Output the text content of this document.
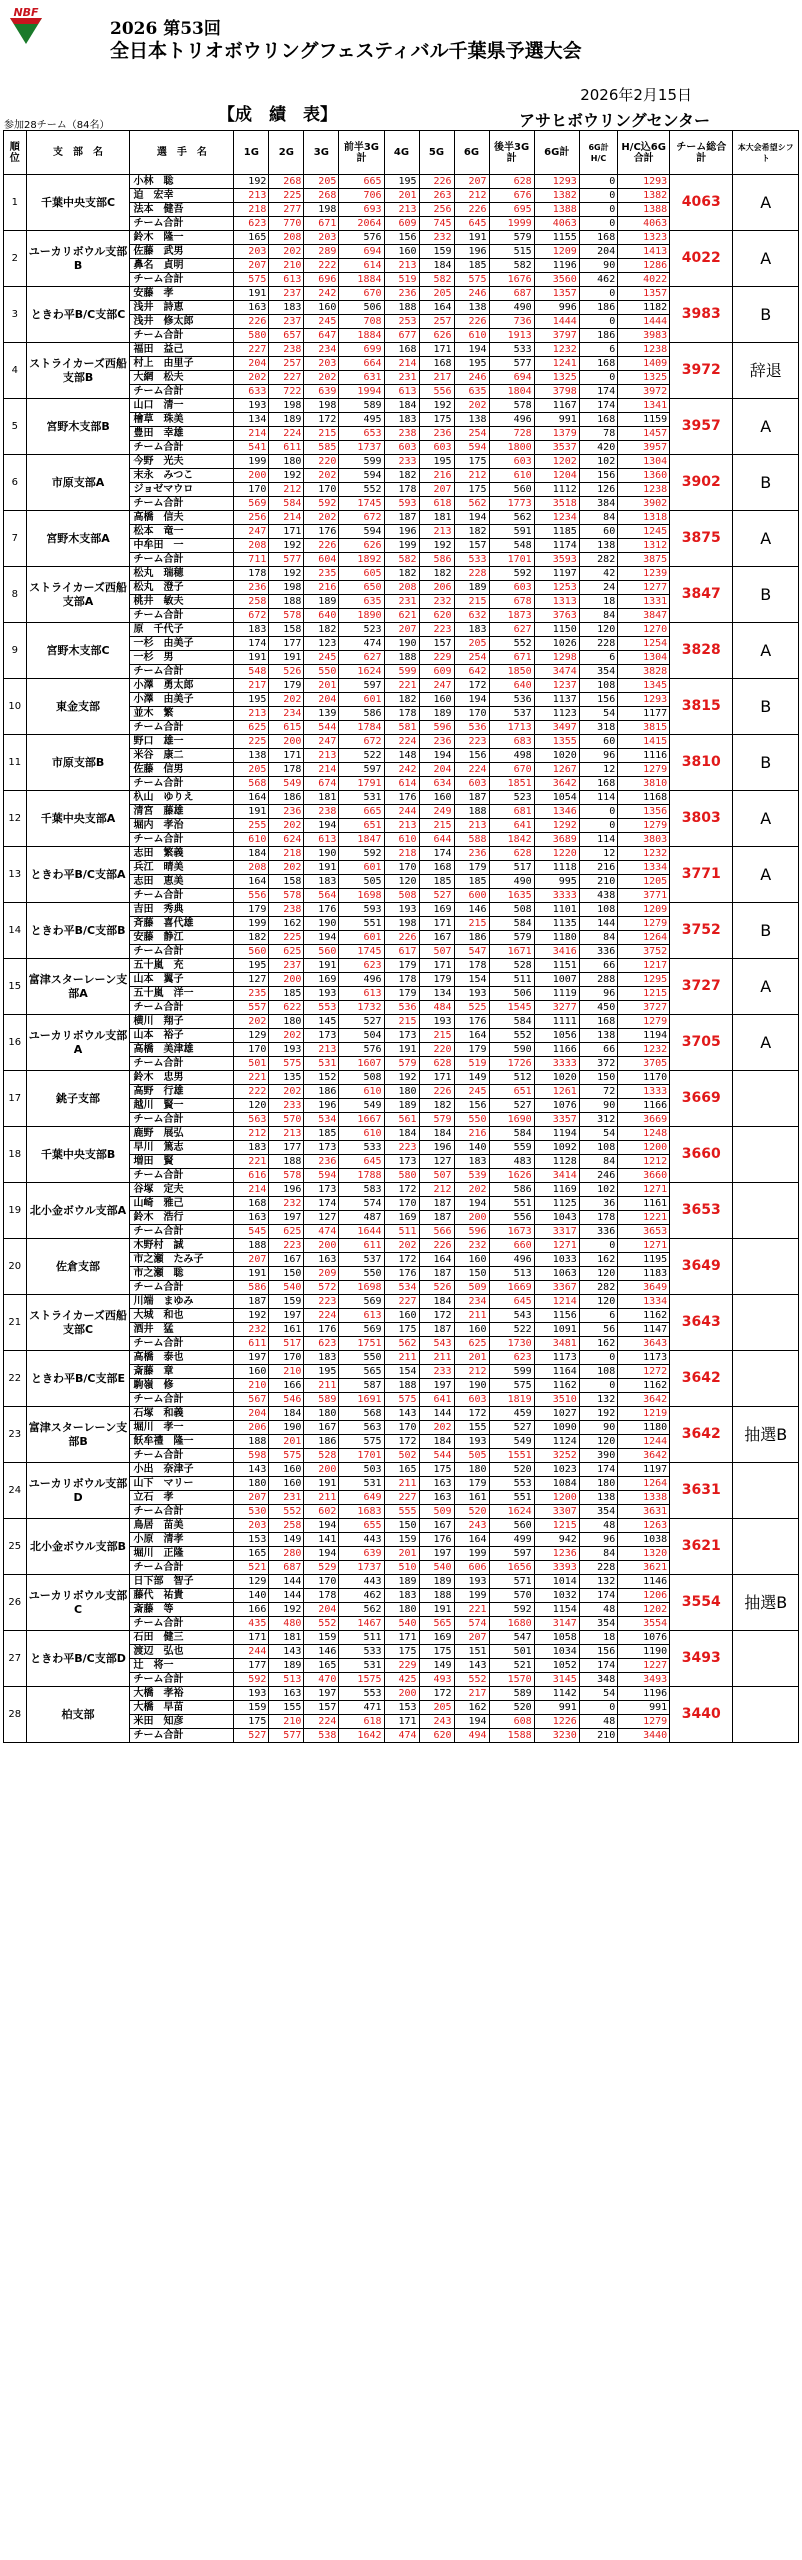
NBF
2026 第53回
全日本トリオボウリングフェスティバル千葉県予選大会
【成　績　表】
2026年2月15日
アサヒボウリングセンター
参加28チーム（84名）
順位	支　部　名	選　手　名	1G	2G	3G	前半3G計	4G	5G	6G	後半3G計	6G計	6G計H/C	H/C込6G合計	チーム総合計	本大会希望シフト
1	千葉中央支部C	小林　聡	192	268	205	665	195	226	207	628	1293	0	1293	4063	A
		迫　宏幸	213	225	268	706	201	263	212	676	1382	0	1382		
		法本　健吾	218	277	198	693	213	256	226	695	1388	0	1388		
		チーム合計	623	770	671	2064	609	745	645	1999	4063	0	4063		
2	ユーカリボウル支部B	鈴木　隆一	165	208	203	576	156	232	191	579	1155	168	1323	4022	A
		佐藤　武男	203	202	289	694	160	159	196	515	1209	204	1413		
		鼻名　貞明	207	210	222	614	213	184	185	582	1196	90	1286		
		チーム合計	575	613	696	1884	519	582	575	1676	3560	462	4022		
3	ときわ平B/C支部C	安藤　孝	191	237	242	670	236	205	246	687	1357	0	1357	3983	B
		浅井　詩恵	163	183	160	506	188	164	138	490	996	186	1182		
		浅井　修太郎	226	237	245	708	253	257	226	736	1444	0	1444		
		チーム合計	580	657	647	1884	677	626	610	1913	3797	186	3983		
4	ストライカーズ西船支部B	福田　益己	227	238	234	699	168	171	194	533	1232	6	1238	3972	辞退
		村上　由里子	204	257	203	664	214	168	195	577	1241	168	1409		
		大網　松夫	202	227	202	631	231	217	246	694	1325	0	1325		
		チーム合計	633	722	639	1994	613	556	635	1804	3798	174	3972		
5	宮野木支部B	山口　清一	193	198	198	589	184	192	202	578	1167	174	1341	3957	A
		檜草　珠美	134	189	172	495	183	175	138	496	991	168	1159		
		豊田　幸雄	214	224	215	653	238	236	254	728	1379	78	1457		
		チーム合計	541	611	585	1737	603	603	594	1800	3537	420	3957		
6	市原支部A	今野　光夫	199	180	220	599	233	195	175	603	1202	102	1304	3902	B
		末永　みつこ	200	192	202	594	182	216	212	610	1204	156	1360		
		ジョゼマウロ	170	212	170	552	178	207	175	560	1112	126	1238		
		チーム合計	569	584	592	1745	593	618	562	1773	3518	384	3902		
7	宮野木支部A	高橋　信夫	256	214	202	672	187	181	194	562	1234	84	1318	3875	A
		松本　竜一	247	171	176	594	196	213	182	591	1185	60	1245		
		中牟田　一	208	192	226	626	199	192	157	548	1174	138	1312		
		チーム合計	711	577	604	1892	582	586	533	1701	3593	282	3875		
8	ストライカーズ西船支部A	松丸　瑞穂	178	192	235	605	182	182	228	592	1197	42	1239	3847	B
		松丸　澄子	236	198	216	650	208	206	189	603	1253	24	1277		
		桃井　敏夫	258	188	189	635	231	232	215	678	1313	18	1331		
		チーム合計	672	578	640	1890	621	620	632	1873	3763	84	3847		
9	宮野木支部C	原　千代子	183	158	182	523	207	223	183	627	1150	120	1270	3828	A
		一杉　由美子	174	177	123	474	190	157	205	552	1026	228	1254		
		一杉　男	191	191	245	627	188	229	254	671	1298	6	1304		
		チーム合計	548	526	550	1624	599	609	642	1850	3474	354	3828		
10	東金支部	小澤　勇太郎	217	179	201	597	221	247	172	640	1237	108	1345	3815	B
		小澤　由美子	195	202	204	601	182	160	194	536	1137	156	1293		
		並木　繁	213	234	139	586	178	189	170	537	1123	54	1177		
		チーム合計	625	615	544	1784	581	596	536	1713	3497	318	3815		
11	市原支部B	野口　雄一	225	200	247	672	224	236	223	683	1355	60	1415	3810	B
		米谷　康二	138	171	213	522	148	194	156	498	1020	96	1116		
		佐藤　信男	205	178	214	597	242	204	224	670	1267	12	1279		
		チーム合計	568	549	674	1791	614	634	603	1851	3642	168	3810		
12	千葉中央支部A	杁山　ゆりえ	164	186	181	531	176	160	187	523	1054	114	1168	3803	A
		清宮　藤雄	191	236	238	665	244	249	188	681	1346	0	1356		
		堀内　孝治	255	202	194	651	213	215	213	641	1292	0	1279		
		チーム合計	610	624	613	1847	610	644	588	1842	3689	114	3803		
13	ときわ平B/C支部A	志田　繁義	184	218	190	592	218	174	236	628	1220	12	1232	3771	A
		兵江　晴美	208	202	191	601	170	168	179	517	1118	216	1334		
		志田　恵美	164	158	183	505	120	185	185	490	995	210	1205		
		チーム合計	556	578	564	1698	508	527	600	1635	3333	438	3771		
14	ときわ平B/C支部B	吉田　秀典	179	238	176	593	193	169	146	508	1101	108	1209	3752	B
		斉藤　喜代雄	199	162	190	551	198	171	215	584	1135	144	1279		
		安藤　静江	182	225	194	601	226	167	186	579	1180	84	1264		
		チーム合計	560	625	560	1745	617	507	547	1671	3416	336	3752		
15	富津スターレーン支部A	五十嵐　充	195	237	191	623	179	171	178	528	1151	66	1217	3727	A
		山本　翼子	127	200	169	496	178	179	154	511	1007	288	1295		
		五十嵐　洋一	235	185	193	613	179	134	193	506	1119	96	1215		
		チーム合計	557	622	553	1732	536	484	525	1545	3277	450	3727		
16	ユーカリボウル支部A	横川　翔子	202	180	145	527	215	193	176	584	1111	168	1279	3705	A
		山本　裕子	129	202	173	504	173	215	164	552	1056	138	1194		
		高橋　美津雄	170	193	213	576	191	220	179	590	1166	66	1232		
		チーム合計	501	575	531	1607	579	628	519	1726	3333	372	3705		
17	銚子支部	鈴木　忠男	221	135	152	508	192	171	149	512	1020	150	1170	3669	
		高野　行雄	222	202	186	610	180	226	245	651	1261	72	1333		
		越川　賢一	120	233	196	549	189	182	156	527	1076	90	1166		
		チーム合計	563	570	534	1667	561	579	550	1690	3357	312	3669		
18	千葉中央支部B	鹿野　展弘	212	213	185	610	184	184	216	584	1194	54	1248	3660	
		早川　篤志	183	177	173	533	223	196	140	559	1092	108	1200		
		増田　賢	221	188	236	645	173	127	183	483	1128	84	1212		
		チーム合計	616	578	594	1788	580	507	539	1626	3414	246	3660		
19	北小金ボウル支部A	谷塚　定夫	214	196	173	583	172	212	202	586	1169	102	1271	3653	
		山崎　雅己	168	232	174	574	170	187	194	551	1125	36	1161		
		鈴木　浩行	163	197	127	487	169	187	200	556	1043	178	1221		
		チーム合計	545	625	474	1644	511	566	596	1673	3317	336	3653		
20	佐倉支部	木野村　誠	188	223	200	611	202	226	232	660	1271	0	1271	3649	
		市之瀬　たみ子	207	167	163	537	172	164	160	496	1033	162	1195		
		市之瀬　聡	191	150	209	550	176	187	150	513	1063	120	1183		
		チーム合計	586	540	572	1698	534	526	509	1669	3367	282	3649		
21	ストライカーズ西船支部C	川端　まゆみ	187	159	223	569	227	184	234	645	1214	120	1334	3643	
		大城　和也	192	197	224	613	160	172	211	543	1156	6	1162		
		酒井　猛	232	161	176	569	175	187	160	522	1091	56	1147		
		チーム合計	611	517	623	1751	562	543	625	1730	3481	162	3643		
22	ときわ平B/C支部E	高橋　泰也	197	170	183	550	211	211	201	623	1173	0	1173	3642	
		斎藤　章	160	210	195	565	154	233	212	599	1164	108	1272		
		駒嶺　修	210	166	211	587	188	197	190	575	1162	0	1162		
		チーム合計	567	546	589	1691	575	641	603	1819	3510	132	3642		
23	富津スターレーン支部B	石塚　和義	204	184	180	568	143	144	172	459	1027	192	1219	3642	抽選B
		堀川　孝一	206	190	167	563	170	202	155	527	1090	90	1180		
		飫牟禮　隆一	188	201	186	575	172	184	193	549	1124	120	1244		
		チーム合計	598	575	528	1701	502	544	505	1551	3252	390	3642		
24	ユーカリボウル支部D	小出　奈津子	143	160	200	503	165	175	180	520	1023	174	1197	3631	
		山下　マリー	180	160	191	531	211	163	179	553	1084	180	1264		
		立石　孝	207	231	211	649	227	163	161	551	1200	138	1338		
		チーム合計	530	552	602	1683	555	509	520	1624	3307	354	3631		
25	北小金ボウル支部B	鳥居　苗美	203	258	194	655	150	167	243	560	1215	48	1263	3621	
		小原　清孝	153	149	141	443	159	176	164	499	942	96	1038		
		堀川　正隆	165	280	194	639	201	197	199	597	1236	84	1320		
		チーム合計	521	687	529	1737	510	540	606	1656	3393	228	3621		
26	ユーカリボウル支部C	日下部　智子	129	144	170	443	189	189	193	571	1014	132	1146	3554	抽選B
		藤代　祐貴	140	144	178	462	183	188	199	570	1032	174	1206		
		斎藤　等	166	192	204	562	180	191	221	592	1154	48	1202		
		チーム合計	435	480	552	1467	540	565	574	1680	3147	354	3554		
27	ときわ平B/C支部D	石田　健三	171	181	159	511	171	169	207	547	1058	18	1076	3493	
		渡辺　弘也	244	143	146	533	175	175	151	501	1034	156	1190		
		辻　将一	177	189	165	531	229	149	143	521	1052	174	1227		
		チーム合計	592	513	470	1575	425	493	552	1570	3145	348	3493		
28	柏支部	大橋　孝裕	193	163	197	553	200	172	217	589	1142	54	1196	3440	
		大橋　早苗	159	155	157	471	153	205	162	520	991	0	991		
		米田　知彦	175	210	224	618	171	243	194	608	1226	48	1279		
		チーム合計	527	577	538	1642	474	620	494	1588	3230	210	3440		
